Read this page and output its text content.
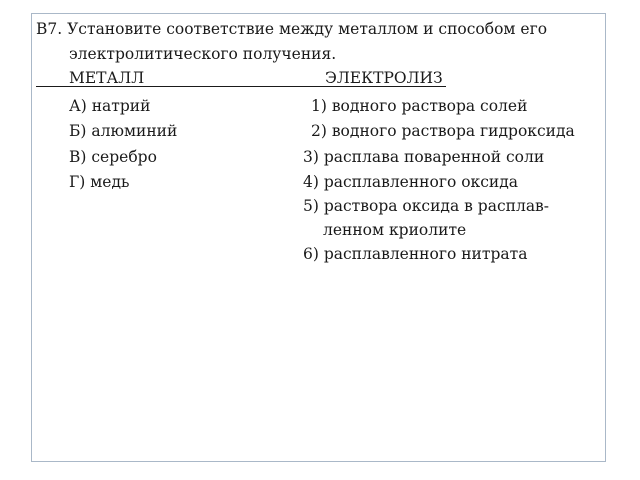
В7. Установите соответствие между металлом и способом его
электролитического получения.
МЕТАЛЛ	ЭЛЕКТРОЛИЗ
А) натрий
Б) алюминий
В) серебро
Г) медь
1) водного раствора солей
2) водного раствора гидроксида
3) расплава поваренной соли
4) расплавленного оксида
5) раствора оксида в расплав-
ленном криолите
6) расплавленного нитрата
